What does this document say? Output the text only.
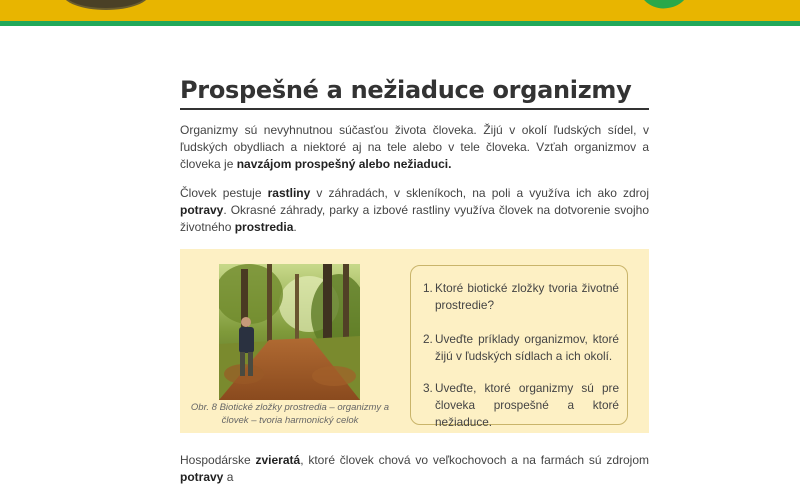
Prospešné a nežiaduce organizmy

Organizmy sú nevyhnutnou súčasťou života človeka. Žijú v okolí ľudských sídel, v ľudských obydliach a niektoré aj na tele alebo v tele človeka. Vzťah organizmov a človeka je navzájom prospešný alebo nežiaduci.

Človek pestuje rastliny v záhradách, v skleníkoch, na poli a využíva ich ako zdroj potravy. Okrasné záhrady, parky a izbové rastliny využíva človek na dotvorenie svojho životného prostredia.

Obr. 8 Biotické zložky prostredia – organizmy a človek – tvoria harmonický celok
1. Ktoré biotické zložky tvoria životné prostredie?
2. Uveďte príklady organizmov, ktoré žijú v ľudských sídlach a ich okolí.
3. Uveďte, ktoré organizmy sú pre človeka prospešné a ktoré nežiaduce.

Hospodárske zvieratá, ktoré človek chová vo veľkochovoch a na farmách sú zdrojom potravy a
